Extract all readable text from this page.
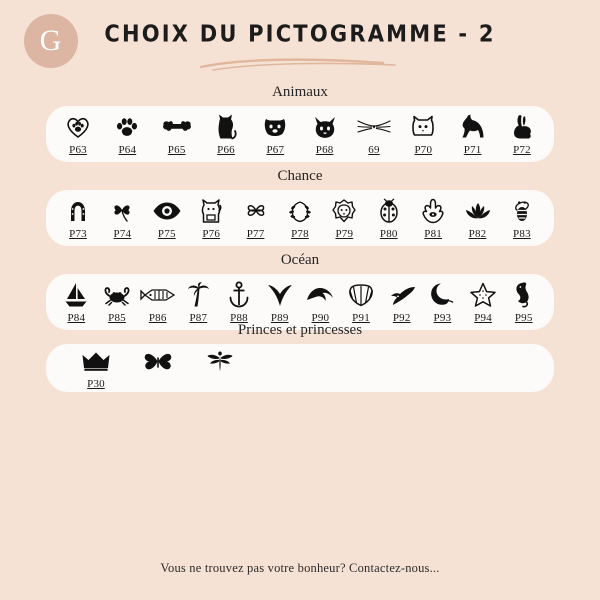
G	CHOIX DU PICTOGRAMME - 2
Animaux
P63	P64	P65	P66	P67	P68	69	P70	P71	P72
Chance
P73 P74 P75 P76 P77 P78 P79 P80 P81 P82 P83
Océan
P84 P85 P86 P87 P88 P89 P90 P91 P92 P93 P94 P95
Princes et princesses
P30
Vous ne trouvez pas votre bonheur? Contactez-nous...
